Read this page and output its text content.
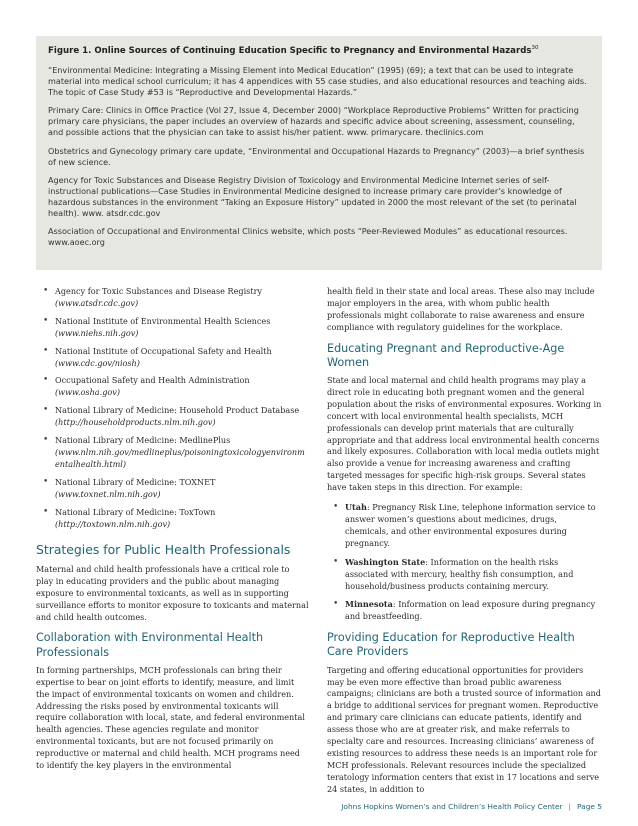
Figure 1. Online Sources of Continuing Education Specific to Pregnancy and Environmental Hazards$^{30}$

“Environmental Medicine: Integrating a Missing Element into Medical Education” (1995) (69); a text that can be used to integrate material into medical school curriculum; it has 4 appendices with 55 case studies, and also educational resources and teaching aids. The topic of Case Study #53 is “Reproductive and Developmental Hazards.”

Primary Care: Clinics in Office Practice (Vol 27, Issue 4, December 2000) “Workplace Reproductive Problems” Written for practicing primary care physicians, the paper includes an overview of hazards and specific advice about screening, assessment, counseling, and possible actions that the physician can take to assist his/her patient. www. primarycare. theclinics.com

Obstetrics and Gynecology primary care update, “Environmental and Occupational Hazards to Pregnancy” (2003)—a brief synthesis of new science.

Agency for Toxic Substances and Disease Registry Division of Toxicology and Environmental Medicine Internet series of self-instructional publications—Case Studies in Environmental Medicine designed to increase primary care provider’s knowledge of hazardous substances in the environment “Taking an Exposure History” updated in 2000 the most relevant of the set (to perinatal health). www. atsdr.cdc.gov

Association of Occupational and Environmental Clinics website, which posts “Peer-Reviewed Modules” as educational resources. www.aoec.org

• Agency for Toxic Substances and Disease Registry
(www.atsdr.cdc.gov)
• National Institute of Environmental Health Sciences
(www.niehs.nih.gov)
• National Institute of Occupational Safety and Health
(www.cdc.gov/niosh)
• Occupational Safety and Health Administration
(www.osha.gov)
• National Library of Medicine: Household Product Database
(http://householdproducts.nlm.nih.gov)
• National Library of Medicine: MedlinePlus
(www.nlm.nih.gov/medlineplus/poisoningtoxicologyenvironmentalhealth.html)
• National Library of Medicine: TOXNET
(www.toxnet.nlm.nih.gov)
• National Library of Medicine: ToxTown
(http://toxtown.nlm.nih.gov)
Strategies for Public Health Professionals

Maternal and child health professionals have a critical role to play in educating providers and the public about managing exposure to environmental toxicants, as well as in supporting surveillance efforts to monitor exposure to toxicants and maternal and child health outcomes.

Collaboration with Environmental Health Professionals

In forming partnerships, MCH professionals can bring their expertise to bear on joint efforts to identify, measure, and limit the impact of environmental toxicants on women and children. Addressing the risks posed by environmental toxicants will require collaboration with local, state, and federal environmental health agencies. These agencies regulate and monitor environmental toxicants, but are not focused primarily on reproductive or maternal and child health. MCH programs need to identify the key players in the environmental

health field in their state and local areas. These also may include major employers in the area, with whom public health professionals might collaborate to raise awareness and ensure compliance with regulatory guidelines for the workplace.

Educating Pregnant and Reproductive-Age Women

State and local maternal and child health programs may play a direct role in educating both pregnant women and the general population about the risks of environmental exposures. Working in concert with local environmental health specialists, MCH professionals can develop print materials that are culturally appropriate and that address local environmental health concerns and likely exposures. Collaboration with local media outlets might also provide a venue for increasing awareness and crafting targeted messages for specific high-risk groups. Several states have taken steps in this direction. For example:

• Utah: Pregnancy Risk Line, telephone information service to answer women’s questions about medicines, drugs, chemicals, and other environmental exposures during pregnancy.
• Washington State: Information on the health risks associated with mercury, healthy fish consumption, and household/business products containing mercury.
• Minnesota: Information on lead exposure during pregnancy and breastfeeding.
Providing Education for Reproductive Health Care Providers

Targeting and offering educational opportunities for providers may be even more effective than broad public awareness campaigns; clinicians are both a trusted source of information and a bridge to additional services for pregnant women. Reproductive and primary care clinicians can educate patients, identify and assess those who are at greater risk, and make referrals to specialty care and resources. Increasing clinicians’ awareness of existing resources to address these needs is an important role for MCH professionals. Relevant resources include the specialized teratology information centers that exist in 17 locations and serve 24 states, in addition to

Johns Hopkins Women’s and Children’s Health Policy Center | Page 5
